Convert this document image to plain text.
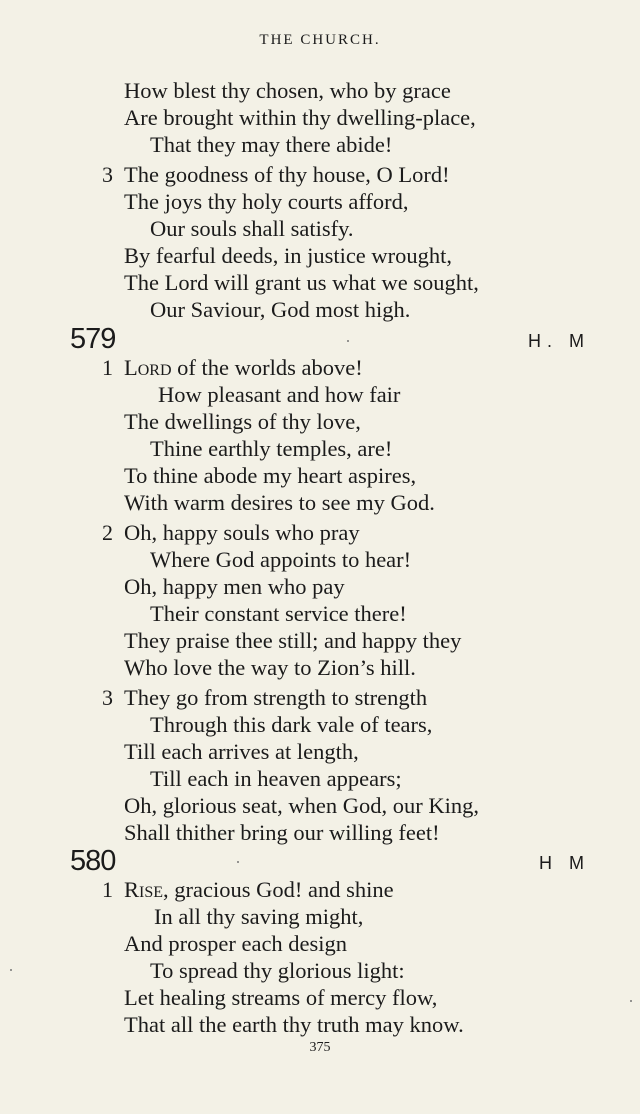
THE CHURCH.
How blest thy chosen, who by grace
Are brought within thy dwelling-place,
That they may there abide!
3 The goodness of thy house, O Lord!
The joys thy holy courts afford,
Our souls shall satisfy.
By fearful deeds, in justice wrought,
The Lord will grant us what we sought,
Our Saviour, God most high.
579	H. M
1 Lord of the worlds above!
How pleasant and how fair
The dwellings of thy love,
Thine earthly temples, are!
To thine abode my heart aspires,
With warm desires to see my God.
2 Oh, happy souls who pray
Where God appoints to hear!
Oh, happy men who pay
Their constant service there!
They praise thee still; and happy they
Who love the way to Zion’s hill.
3 They go from strength to strength
Through this dark vale of tears,
Till each arrives at length,
Till each in heaven appears;
Oh, glorious seat, when God, our King,
Shall thither bring our willing feet!
580	H M
1 Rise, gracious God! and shine
In all thy saving might,
And prosper each design
To spread thy glorious light:
Let healing streams of mercy flow,
That all the earth thy truth may know.
375
